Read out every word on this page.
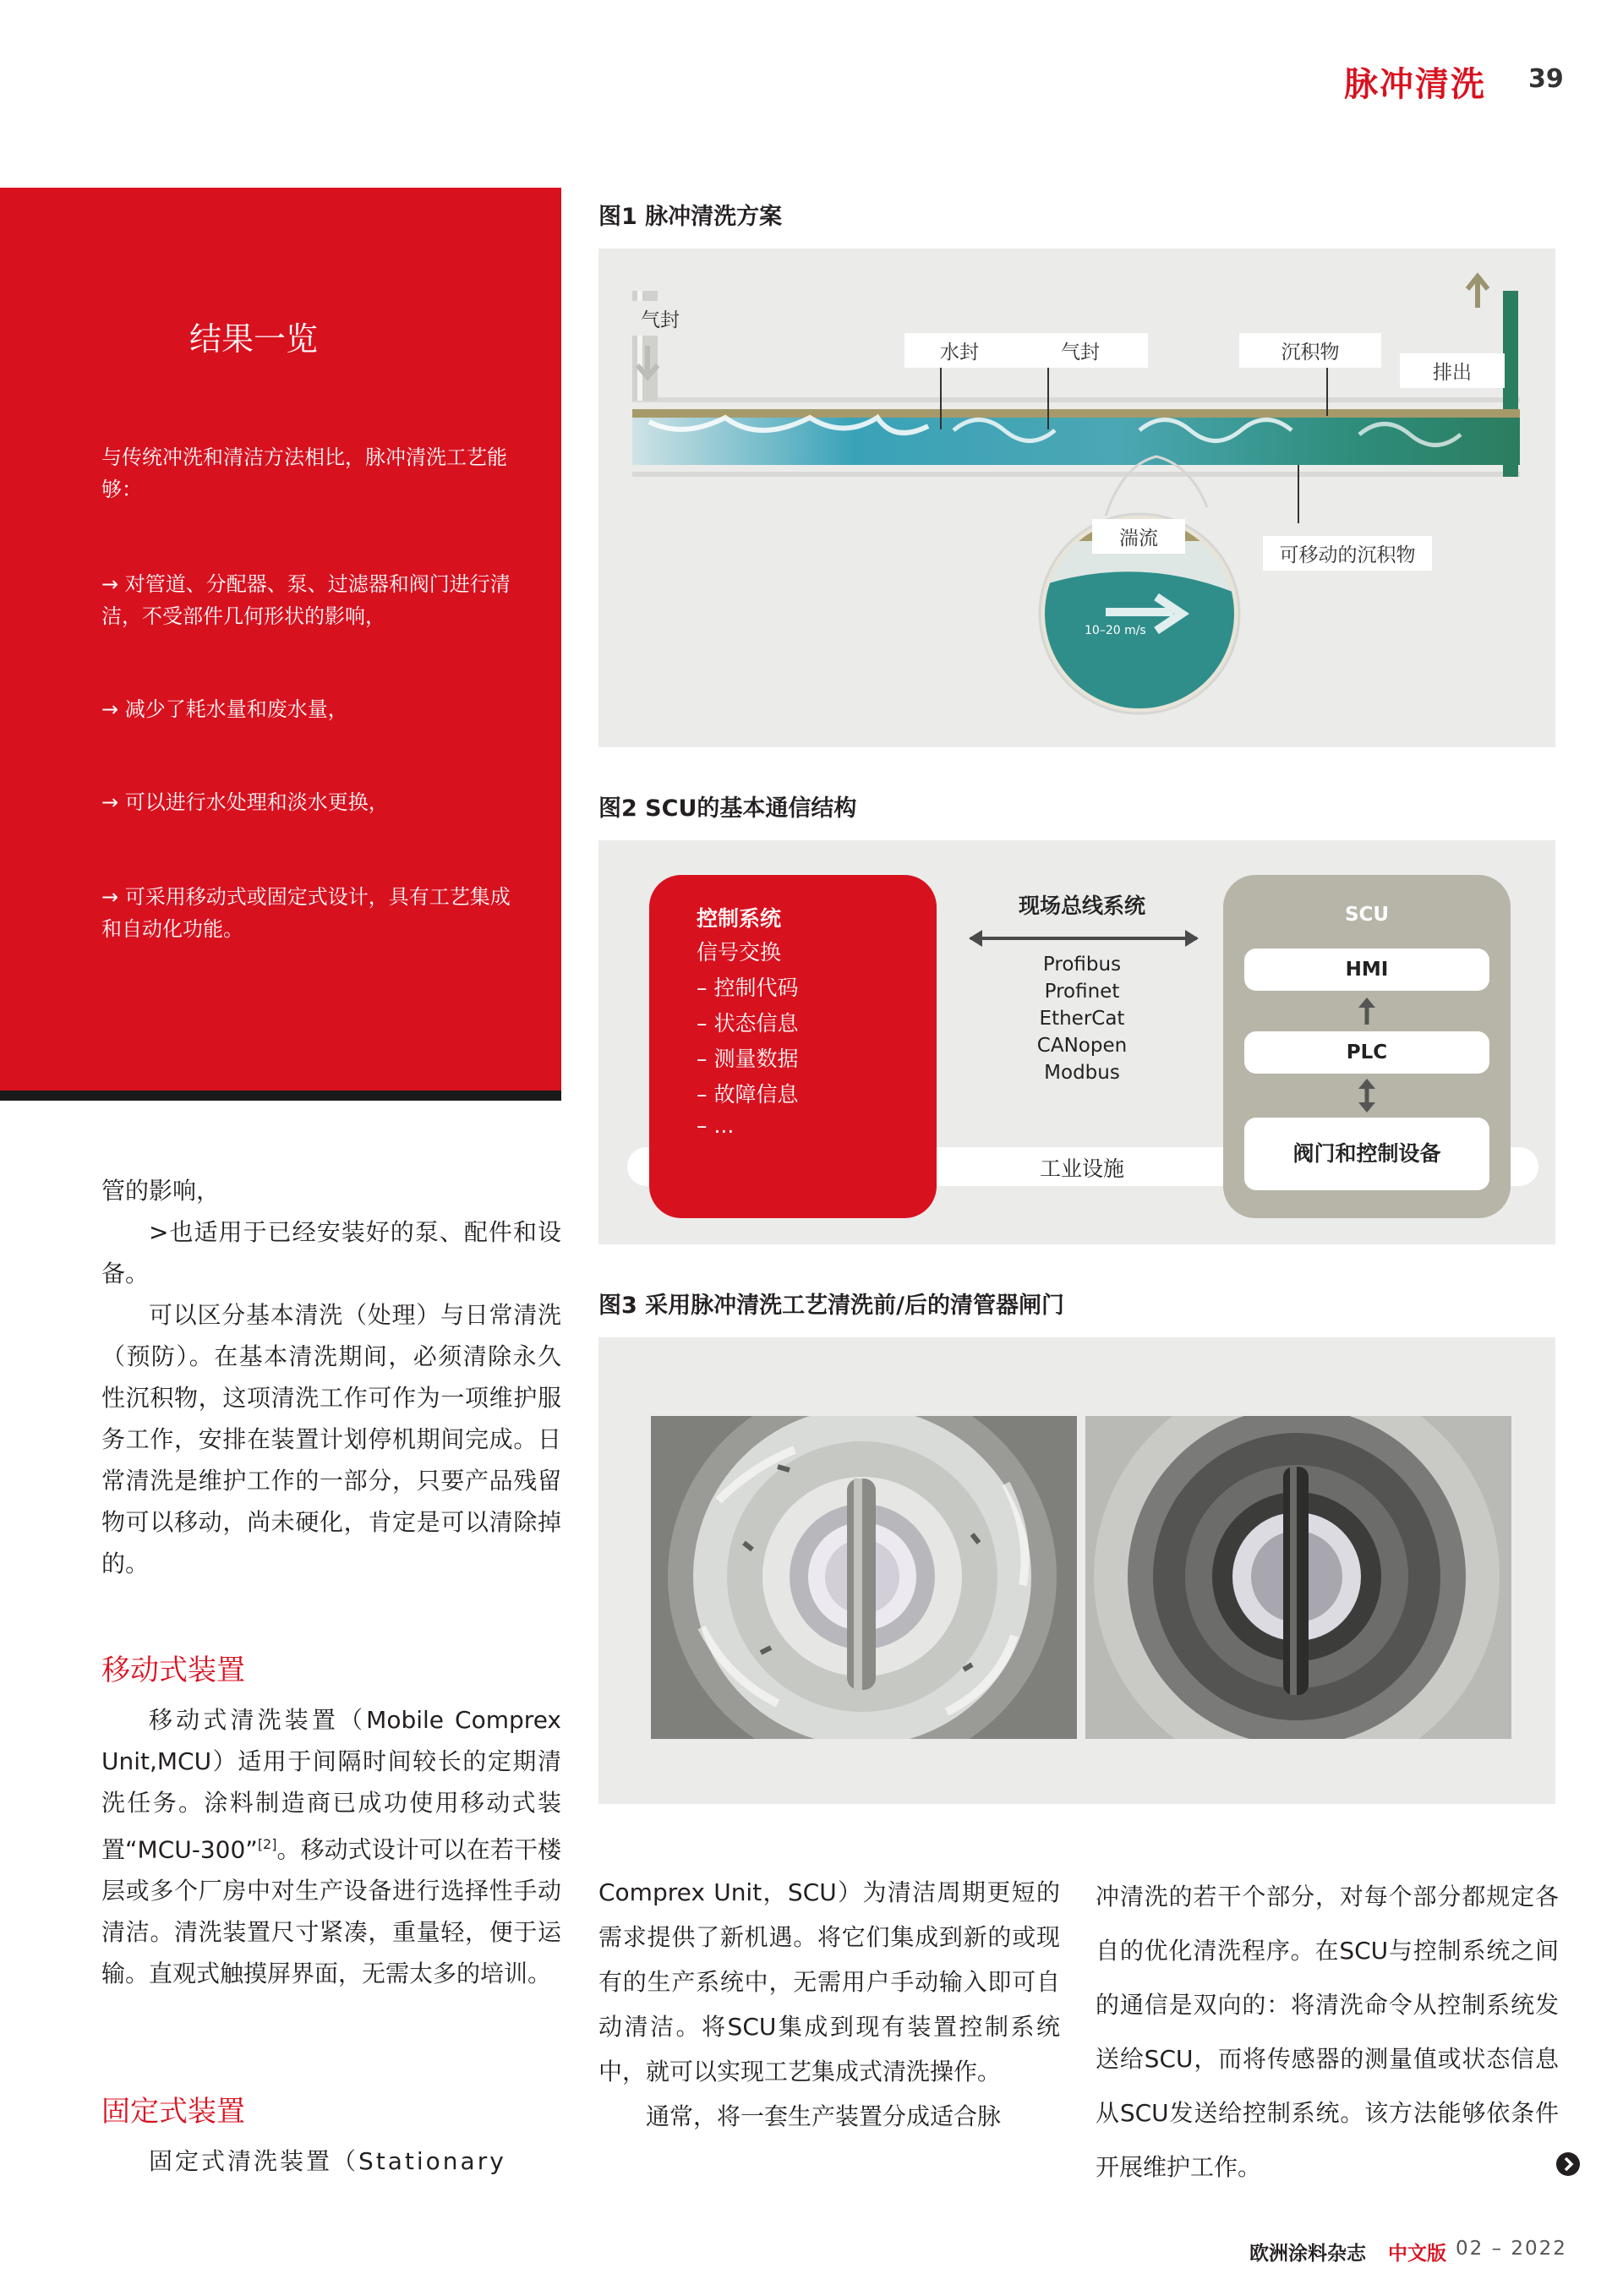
脉冲清洗 39
结果一览
与传统冲洗和清洁方法相比，脉冲清洗工艺能够：
→ 对管道、分配器、泵、过滤器和阀门进行清洁，不受部件几何形状的影响，
→ 减少了耗水量和废水量，
→ 可以进行水处理和淡水更换，
→ 可采用移动式或固定式设计，具有工艺集成和自动化功能。

管的影响，

>也适用于已经安装好的泵、配件和设备。

可以区分基本清洗（处理）与日常清洗（预防）。在基本清洗期间，必须清除永久性沉积物，这项清洗工作可作为一项维护服务工作，安排在装置计划停机期间完成。日常清洗是维护工作的一部分，只要产品残留物可以移动，尚未硬化，肯定是可以清除掉的。

移动式装置

移动式清洗装置（Mobile Comprex Unit,MCU）适用于间隔时间较长的定期清洗任务。涂料制造商已成功使用移动式装置“MCU-300”[2]。移动式设计可以在若干楼层或多个厂房中对生产设备进行选择性手动清洁。清洗装置尺寸紧凑，重量轻，便于运输。直观式触摸屏界面，无需太多的培训。

固定式装置

固定式清洗装置（Stationary

Comprex Unit，SCU）为清洁周期更短的需求提供了新机遇。将它们集成到新的或现有的生产系统中，无需用户手动输入即可自动清洁。将SCU集成到现有装置控制系统中，就可以实现工艺集成式清洗操作。

通常，将一套生产装置分成适合脉

冲清洗的若干个部分，对每个部分都规定各自的优化清洗程序。在SCU与控制系统之间的通信是双向的：将清洗命令从控制系统发送给SCU，而将传感器的测量值或状态信息从SCU发送给控制系统。该方法能够依条件开展维护工作。

图1 脉冲清洗方案
气封
水封	气封	沉积物
排出
湍流
可移动的沉积物
10–20 m/s
图2 SCU的基本通信结构
工业设施
控制系统
信号交换
– 控制代码
– 状态信息
– 测量数据
– 故障信息
– ...
现场总线系统
Profibus
Profinet
EtherCat
CANopen
Modbus
SCU
HMI
PLC
阀门和控制设备
图3 采用脉冲清洗工艺清洗前/后的清管器闸门
欧洲涂料杂志 中文版 02 – 2022
